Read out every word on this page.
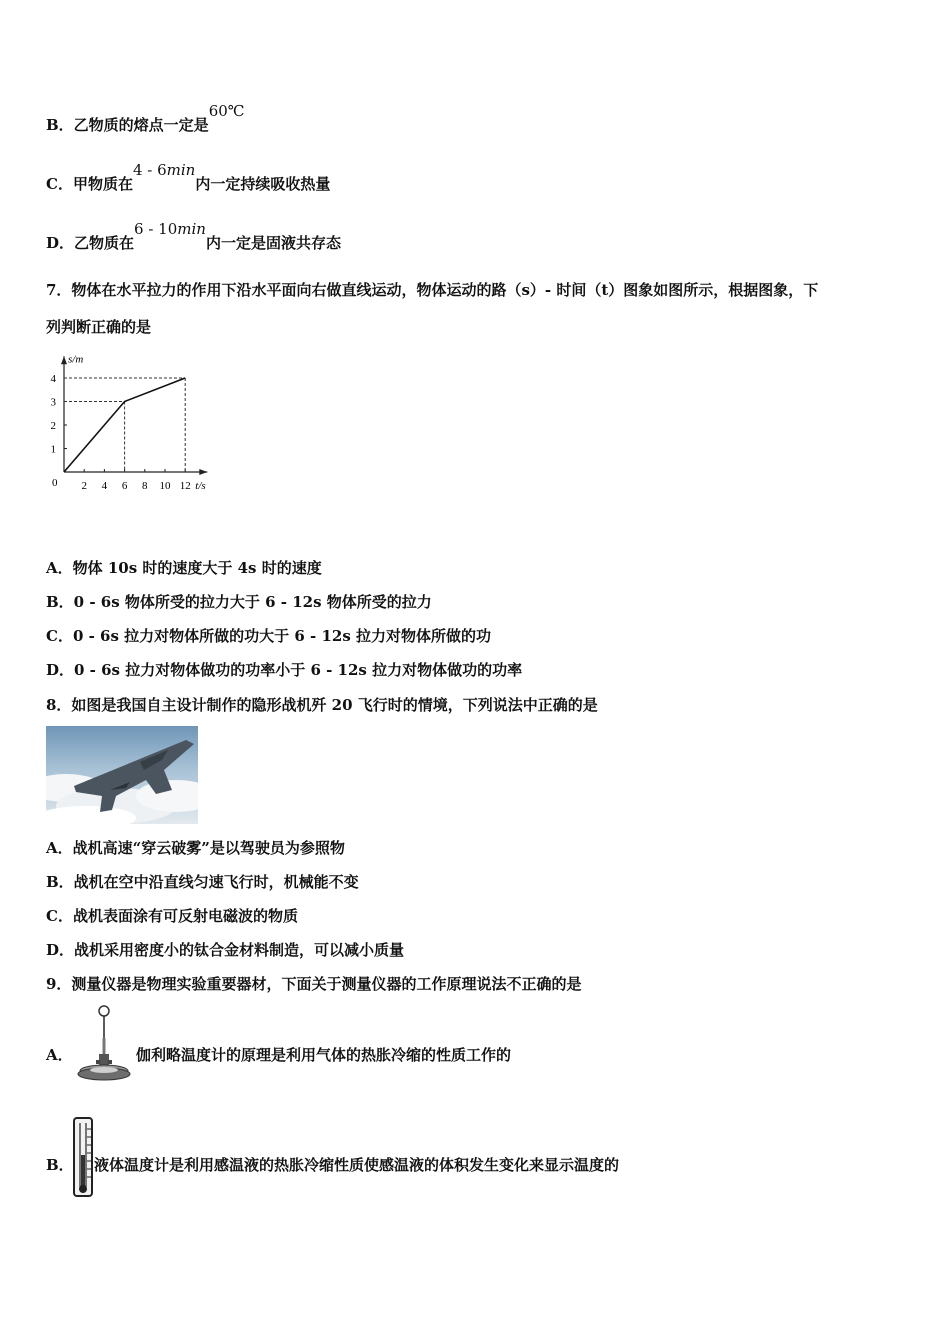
B．乙物质的熔点一定是60℃
C．甲物质在4 - 6min内一定持续吸收热量
D．乙物质在6 - 10min内一定是固液共存态
7．物体在水平拉力的作用下沿水平面向右做直线运动，物体运动的路（s）- 时间（t）图象如图所示，根据图象，下
列判断正确的是
s/m
t/s
0 2 4 6 8 10 12
1
2
3
4
A．物体 10s 时的速度大于 4s 时的速度
B．0 - 6s 物体所受的拉力大于 6 - 12s 物体所受的拉力
C．0 - 6s 拉力对物体所做的功大于 6 - 12s 拉力对物体所做的功
D．0 - 6s 拉力对物体做功的功率小于 6 - 12s 拉力对物体做功的功率
8．如图是我国自主设计制作的隐形战机歼 20 飞行时的情境，下列说法中正确的是
A．战机高速“穿云破雾”是以驾驶员为参照物
B．战机在空中沿直线匀速飞行时，机械能不变
C．战机表面涂有可反射电磁波的物质
D．战机采用密度小的钛合金材料制造，可以减小质量
9．测量仪器是物理实验重要器材，下面关于测量仪器的工作原理说法不正确的是
A．	伽利略温度计的原理是利用气体的热胀冷缩的性质工作的
B． 液体温度计是利用感温液的热胀冷缩性质使感温液的体积发生变化来显示温度的
